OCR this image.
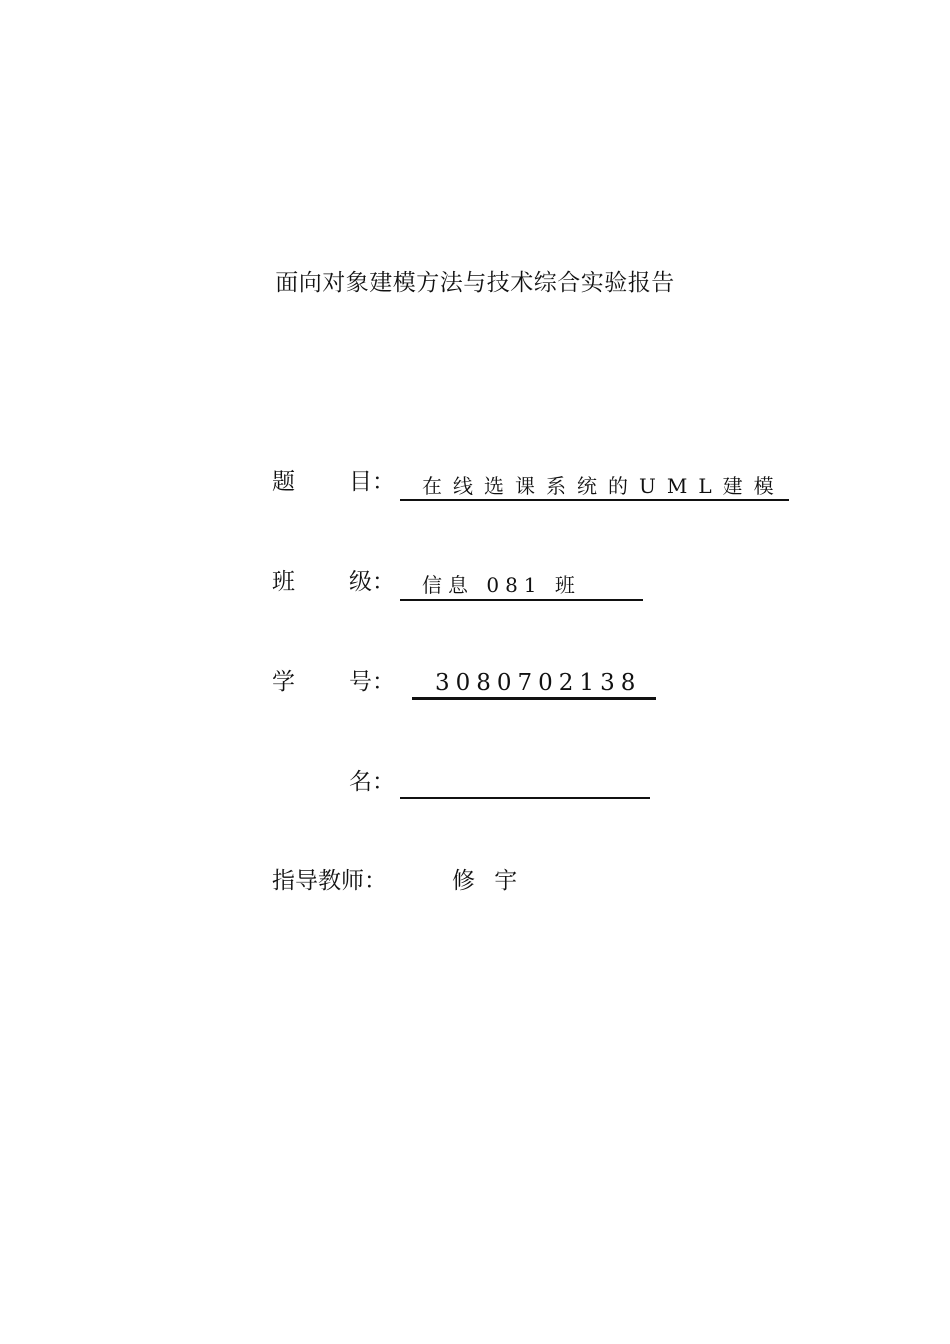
面向对象建模方法与技术综合实验报告
题 目： 在线选课系统的UML建模
班 级： 信息 081 班
学 号： 3080702138
名：
指导教师：	修 宇
